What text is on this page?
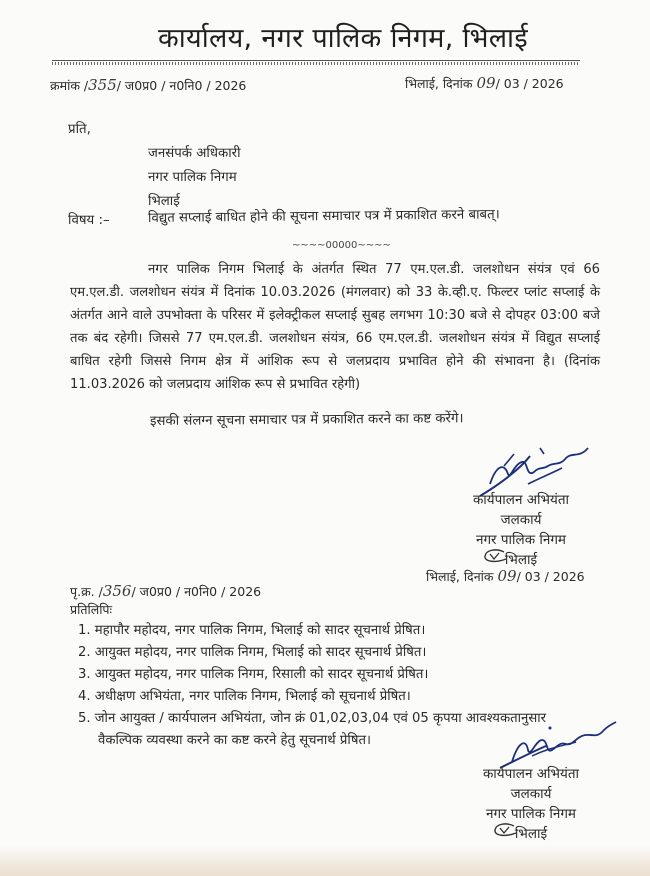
कार्यालय, नगर पालिक निगम, भिलाई
क्रमांक /355/ ज0प्र0 / न0नि0 / 2026	भिलाई, दिनांक 09/ 03 / 2026
प्रति,
जनसंपर्क अधिकारी
नगर पालिक निगम
भिलाई
विषय :–	विद्युत सप्लाई बाधित होने की सूचना समाचार पत्र में प्रकाशित करने बाबत्।
~~~~00000~~~~
नगर पालिक निगम भिलाई के अंतर्गत स्थित 77 एम.एल.डी. जलशोधन संयंत्र एवं 66 एम.एल.डी. जलशोधन संयंत्र में दिनांक 10.03.2026 (मंगलवार) को 33 के.व्ही.ए. फिल्टर प्लांट सप्लाई के अंतर्गत आने वाले उपभोक्ता के परिसर में इलेक्ट्रीकल सप्लाई सुबह लगभग 10:30 बजे से दोपहर 03:00 बजे तक बंद रहेगी। जिससे 77 एम.एल.डी. जलशोधन संयंत्र, 66 एम.एल.डी. जलशोधन संयंत्र में विद्युत सप्लाई बाधित रहेगी जिससे निगम क्षेत्र में आंशिक रूप से जलप्रदाय प्रभावित होने की संभावना है। (दिनांक 11.03.2026 को जलप्रदाय आंशिक रूप से प्रभावित रहेगी)
इसकी संलग्न सूचना समाचार पत्र में प्रकाशित करने का कष्ट करेंगे।
कार्यपालन अभियंता
जलकार्य
नगर पालिक निगम
भिलाई
भिलाई, दिनांक 09/ 03 / 2026
पृ.क्र. /356/ ज0प्र0 / न0नि0 / 2026
प्रतिलिपिः
1. महापौर महोदय, नगर पालिक निगम, भिलाई को सादर सूचनार्थ प्रेषित।
2. आयुक्त महोदय, नगर पालिक निगम, भिलाई को सादर सूचनार्थ प्रेषित।
3. आयुक्त महोदय, नगर पालिक निगम, रिसाली को सादर सूचनार्थ प्रेषित।
4. अधीक्षण अभियंता, नगर पालिक निगम, भिलाई को सूचनार्थ प्रेषित।
5. जोन आयुक्त / कार्यपालन अभियंता, जोन क्रं 01,02,03,04 एवं 05 कृपया आवश्यकतानुसार
वैकल्पिक व्यवस्था करने का कष्ट करने हेतु सूचनार्थ प्रेषित।
कार्यपालन अभियंता
जलकार्य
नगर पालिक निगम
भिलाई
